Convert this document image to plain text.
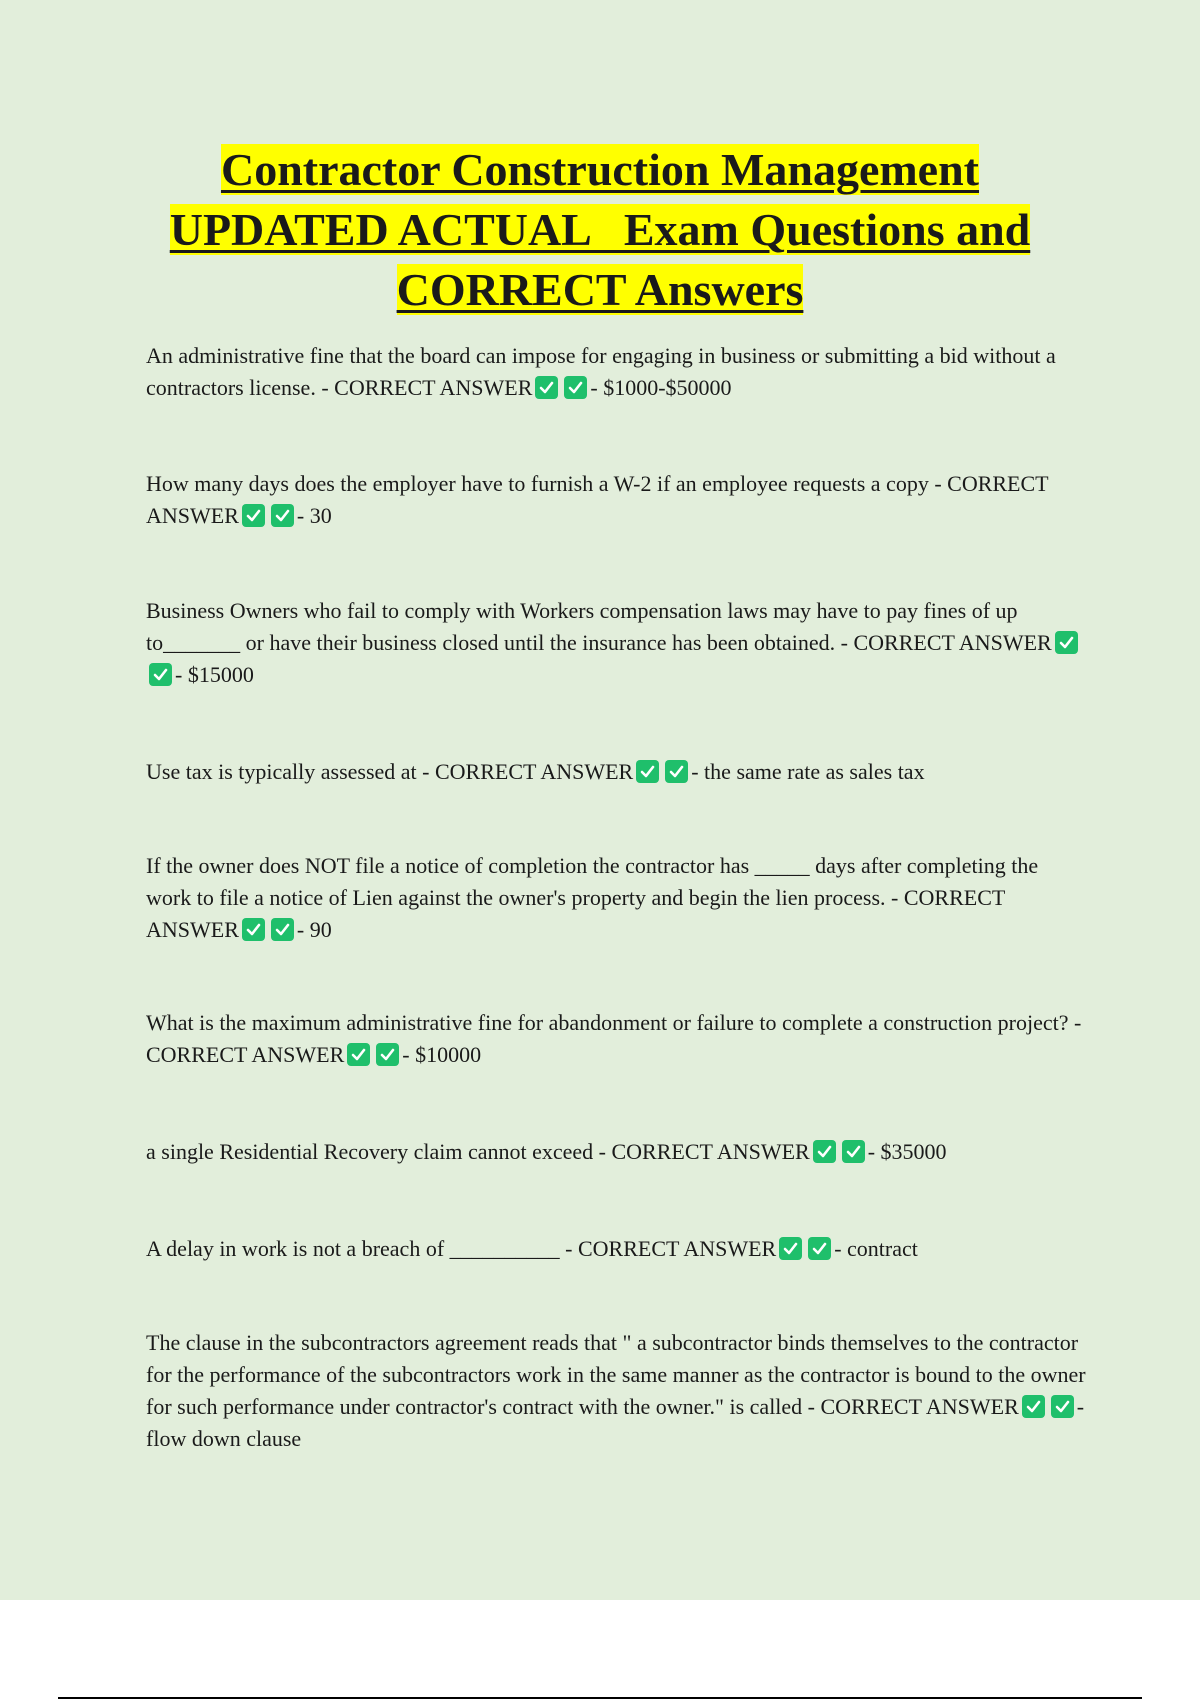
Contractor Construction Management
UPDATED ACTUAL   Exam Questions and
CORRECT Answers

An administrative fine that the board can impose for engaging in business or submitting a bid without a contractors license. - CORRECT ANSWER	- $1000-$50000

How many days does the employer have to furnish a W-2 if an employee requests a copy - CORRECT ANSWER	- 30

Business Owners who fail to comply with Workers compensation laws may have to pay fines of up to_______ or have their business closed until the insurance has been obtained. - CORRECT ANSWER
- $15000

Use tax is typically assessed at - CORRECT ANSWER	- the same rate as sales tax

If the owner does NOT file a notice of completion the contractor has _____ days after completing the work to file a notice of Lien against the owner's property and begin the lien process. - CORRECT ANSWER	- 90

What is the maximum administrative fine for abandonment or failure to complete a construction project? - CORRECT ANSWER	- $10000

a single Residential Recovery claim cannot exceed - CORRECT ANSWER	- $35000

A delay in work is not a breach of __________ - CORRECT ANSWER	- contract

The clause in the subcontractors agreement reads that " a subcontractor binds themselves to the contractor for the performance of the subcontractors work in the same manner as the contractor is bound to the owner for such performance under contractor's contract with the owner." is called - CORRECT ANSWER	- flow down clause
